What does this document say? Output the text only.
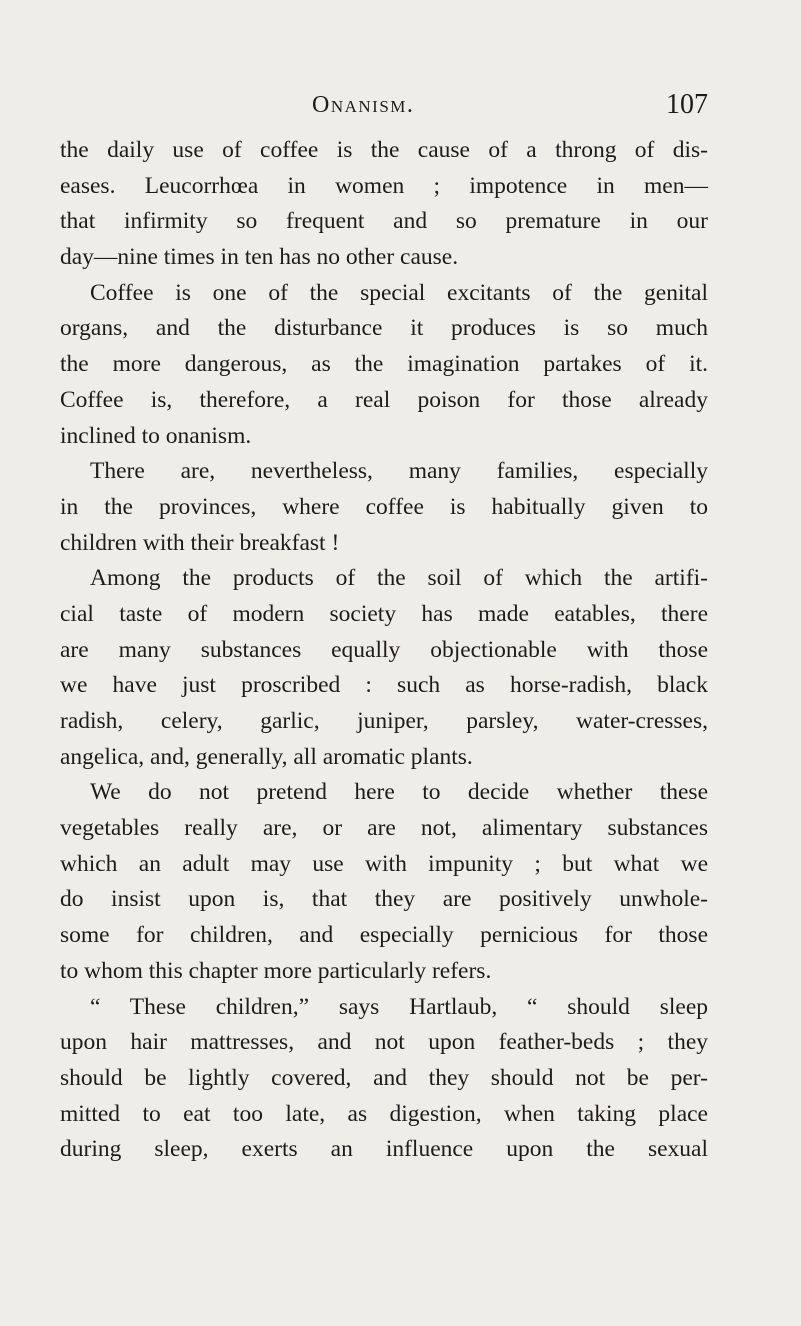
Onanism.	107
the daily use of coffee is the cause of a throng of dis-
eases. Leucorrhœa in women ; impotence in men—
that infirmity so frequent and so premature in our
day—nine times in ten has no other cause.
Coffee is one of the special excitants of the genital
organs, and the disturbance it produces is so much
the more dangerous, as the imagination partakes of it.
Coffee is, therefore, a real poison for those already
inclined to onanism.
There are, nevertheless, many families, especially
in the provinces, where coffee is habitually given to
children with their breakfast !
Among the products of the soil of which the artifi-
cial taste of modern society has made eatables, there
are many substances equally objectionable with those
we have just proscribed : such as horse-radish, black
radish, celery, garlic, juniper, parsley, water-cresses,
angelica, and, generally, all aromatic plants.
We do not pretend here to decide whether these
vegetables really are, or are not, alimentary substances
which an adult may use with impunity ; but what we
do insist upon is, that they are positively unwhole-
some for children, and especially pernicious for those
to whom this chapter more particularly refers.
“ These children,” says Hartlaub, “ should sleep
upon hair mattresses, and not upon feather-beds ; they
should be lightly covered, and they should not be per-
mitted to eat too late, as digestion, when taking place
during sleep, exerts an influence upon the sexual
